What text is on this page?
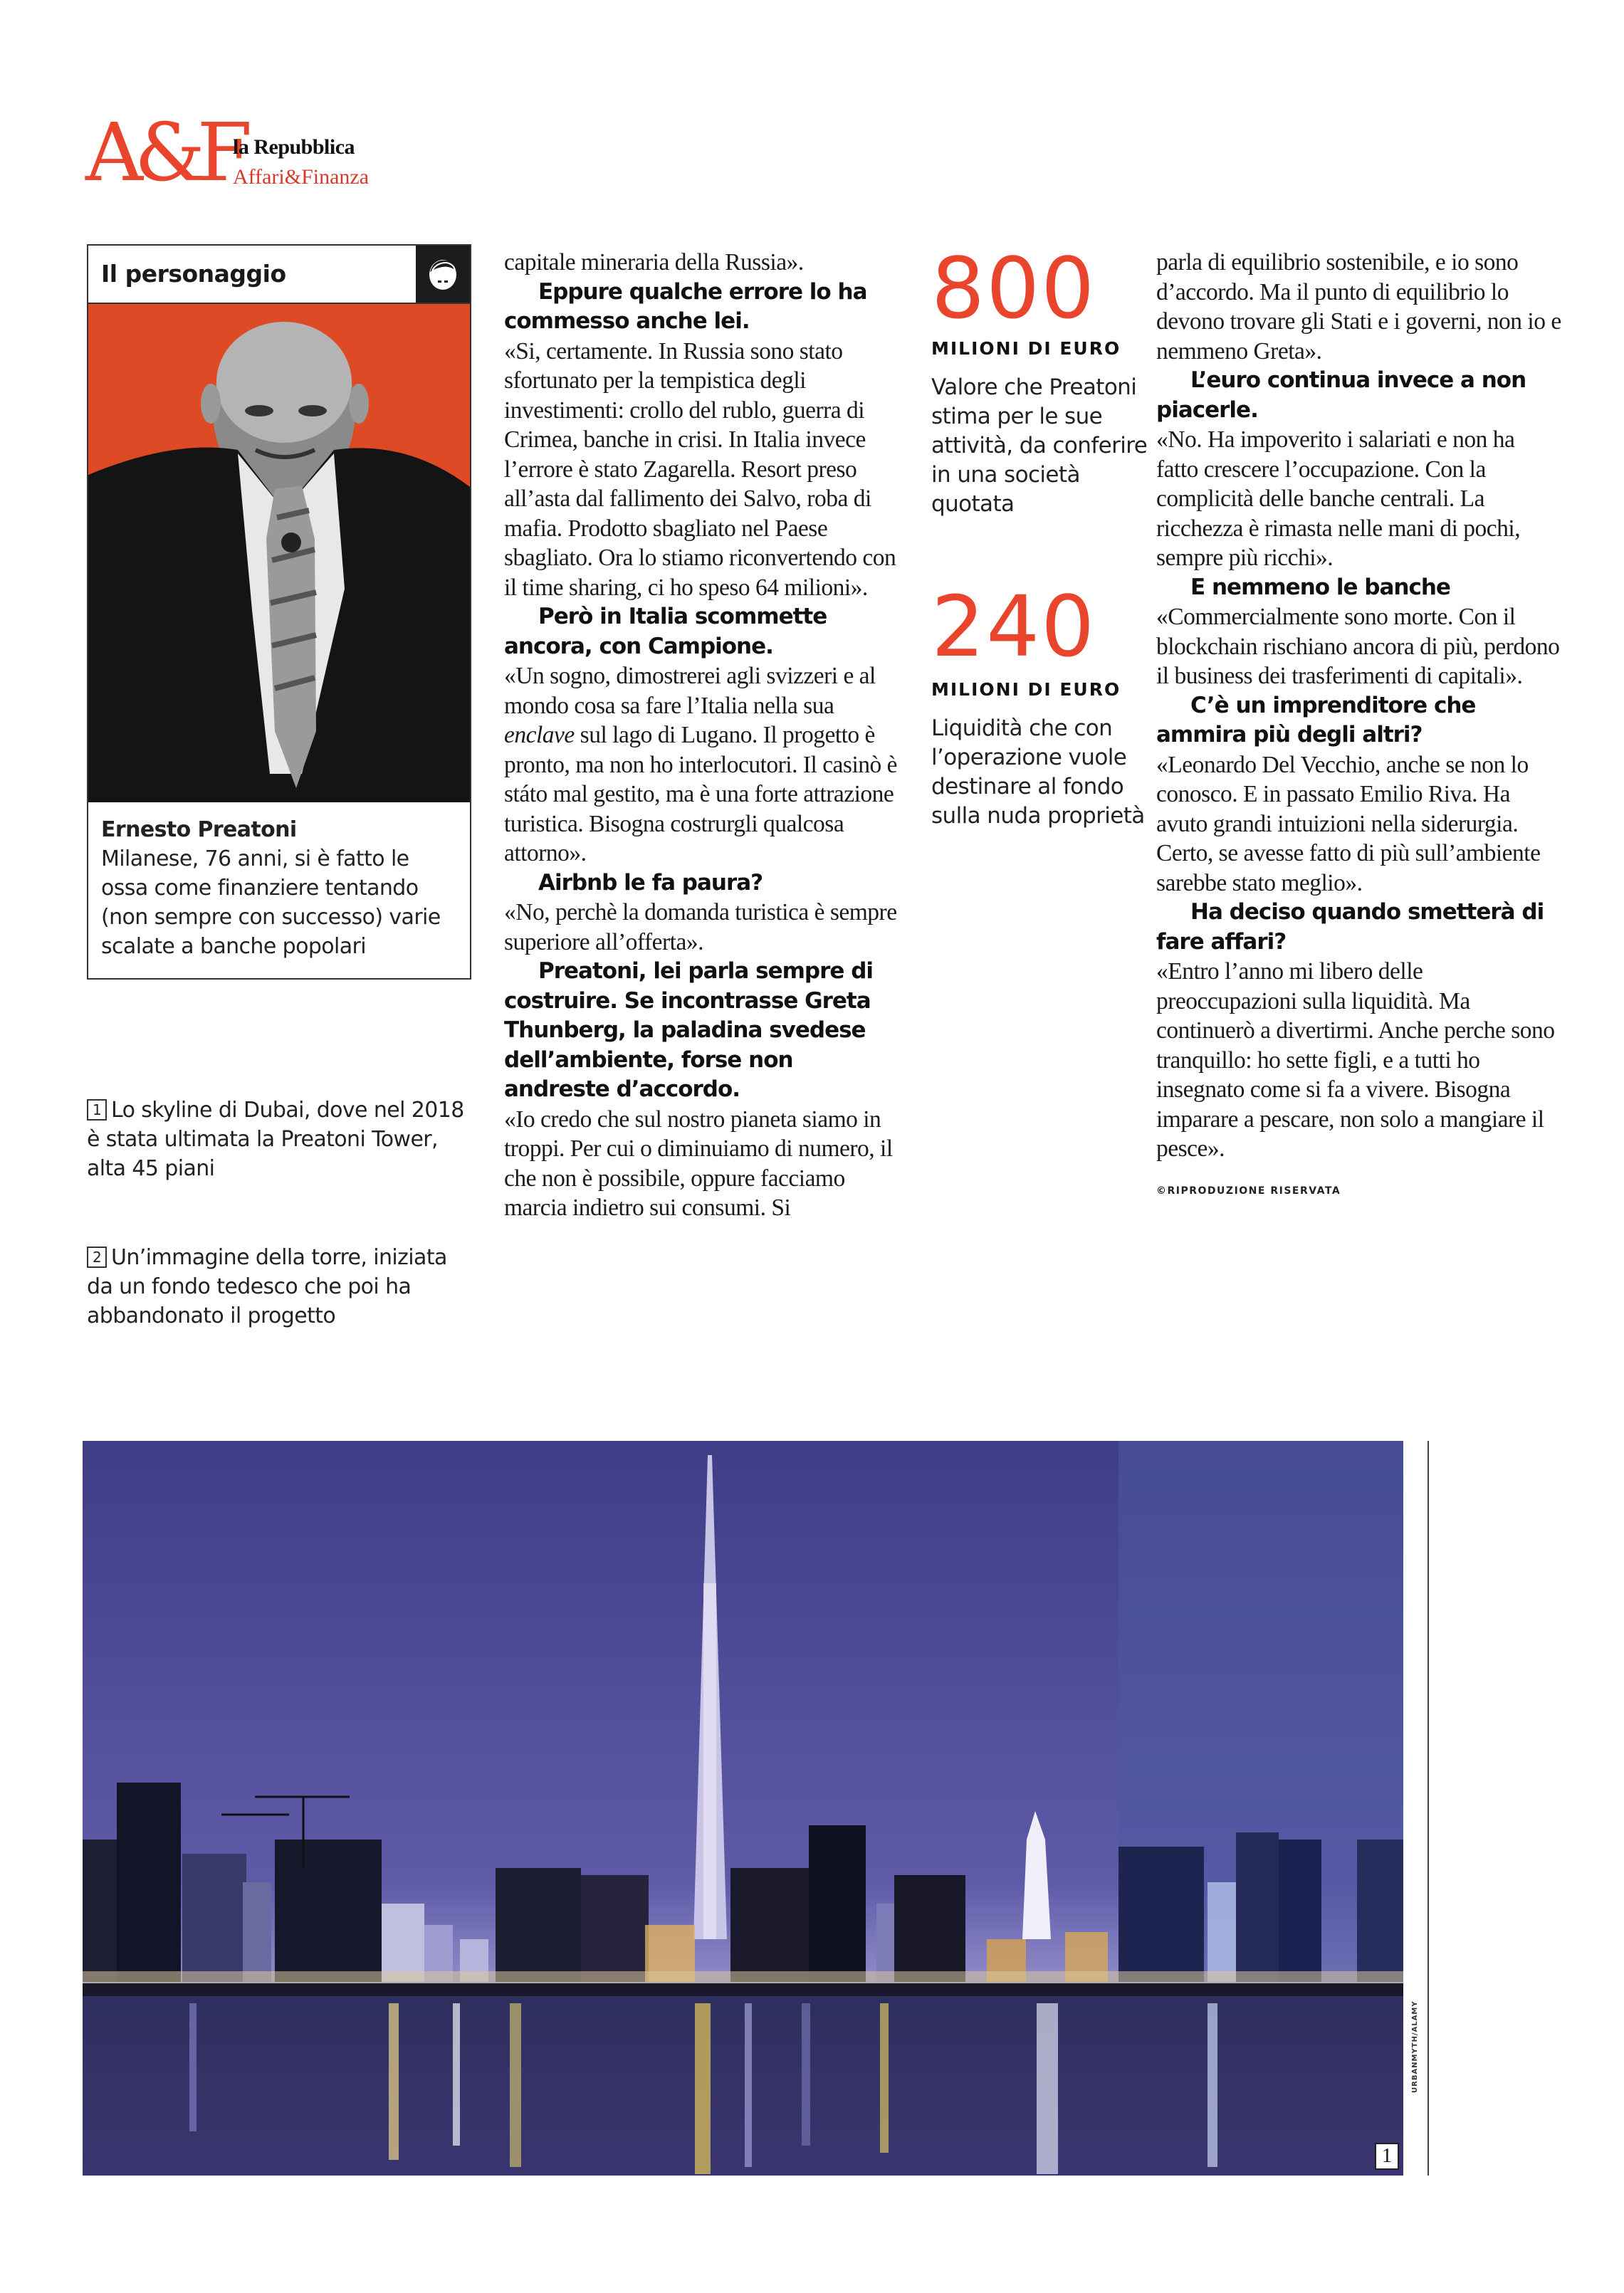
A&F
la Repubblica
Affari&Finanza
Il personaggio
Ernesto Preatoni
Milanese, 76 anni, si è fatto le ossa come finanziere tentando (non sempre con successo) varie scalate a banche popolari
1 Lo skyline di Dubai, dove nel 2018 è stata ultimata la Preatoni Tower, alta 45 piani
2 Un’immagine della torre, iniziata da un fondo tedesco che poi ha abbandonato il progetto

capitale mineraria della Russia».

Eppure qualche errore lo ha commesso anche lei.

«Si, certamente. In Russia sono stato sfortunato per la tempistica degli investimenti: crollo del rublo, guerra di Crimea, banche in crisi. In Italia invece l’errore è stato Zagarella. Resort preso all’asta dal fallimento dei Salvo, roba di mafia. Prodotto sbagliato nel Paese sbagliato. Ora lo stiamo riconvertendo con il time sharing, ci ho speso 64 milioni».

Però in Italia scommette ancora, con Campione.

«Un sogno, dimostrerei agli svizzeri e al mondo cosa sa fare l’Italia nella sua enclave sul lago di Lugano. Il progetto è pronto, ma non ho interlocutori. Il casinò è státo mal gestito, ma è una forte attrazione turistica. Bisogna costrurgli qualcosa attorno».

Airbnb le fa paura?

«No, perchè la domanda turistica è sempre superiore all’offerta».

Preatoni, lei parla sempre di costruire. Se incontrasse Greta Thunberg, la paladina svedese dell’ambiente, forse non andreste d’accordo.

«Io credo che sul nostro pianeta siamo in troppi. Per cui o diminuiamo di numero, il che non è possibile, oppure facciamo marcia indietro sui consumi. Si

800
MILIONI DI EURO
Valore che Preatoni stima per le sue attività, da conferire in una società quotata
240
MILIONI DI EURO
Liquidità che con l’operazione vuole destinare al fondo sulla nuda proprietà

parla di equilibrio sostenibile, e io sono d’accordo. Ma il punto di equilibrio lo devono trovare gli Stati e i governi, non io e nemmeno Greta».

L’euro continua invece a non piacerle.

«No. Ha impoverito i salariati e non ha fatto crescere l’occupazione. Con la complicità delle banche centrali. La ricchezza è rimasta nelle mani di pochi, sempre più ricchi».

E nemmeno le banche

«Commercialmente sono morte. Con il blockchain rischiano ancora di più, perdono il business dei trasferimenti di capitali».

C’è un imprenditore che ammira più degli altri?

«Leonardo Del Vecchio, anche se non lo conosco. E in passato Emilio Riva. Ha avuto grandi intuizioni nella siderurgia. Certo, se avesse fatto di più sull’ambiente sarebbe stato meglio».

Ha deciso quando smetterà di fare affari?

«Entro l’anno mi libero delle preoccupazioni sulla liquidità. Ma continuerò a divertirmi. Anche perche sono tranquillo: ho sette figli, e a tutti ho insegnato come si fa a vivere. Bisogna imparare a pescare, non solo a mangiare il pesce».

©RIPRODUZIONE RISERVATA
1
URBANMYTH/ALAMY
